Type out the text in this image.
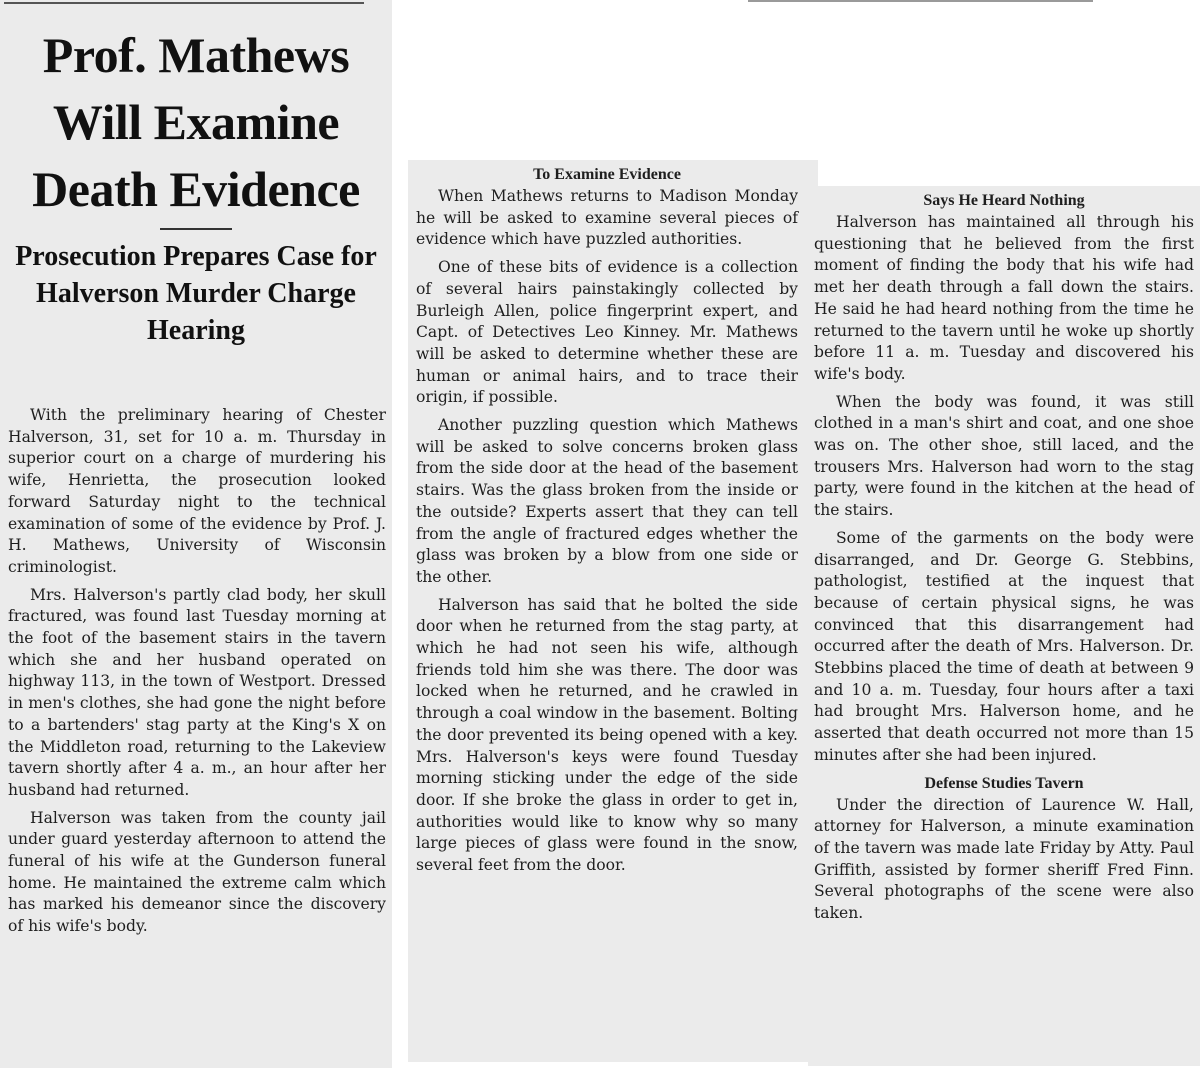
Prof. Mathews Will Examine Death Evidence
Prosecution Prepares Case for Halverson Murder Charge Hearing

With the preliminary hearing of Chester Halverson, 31, set for 10 a. m. Thursday in superior court on a charge of murdering his wife, Henrietta, the prosecution looked forward Saturday night to the technical examination of some of the evidence by Prof. J. H. Mathews, University of Wisconsin criminologist.

Mrs. Halverson's partly clad body, her skull fractured, was found last Tuesday morning at the foot of the basement stairs in the tavern which she and her husband operated on highway 113, in the town of Westport. Dressed in men's clothes, she had gone the night before to a bartenders' stag party at the King's X on the Middleton road, returning to the Lakeview tavern shortly after 4 a. m., an hour after her husband had returned.

Halverson was taken from the county jail under guard yesterday afternoon to attend the funeral of his wife at the Gunderson funeral home. He maintained the extreme calm which has marked his demeanor since the discovery of his wife's body.

To Examine Evidence

When Mathews returns to Madison Monday he will be asked to examine several pieces of evidence which have puzzled authorities.

One of these bits of evidence is a collection of several hairs painstakingly collected by Burleigh Allen, police fingerprint expert, and Capt. of Detectives Leo Kinney. Mr. Mathews will be asked to determine whether these are human or animal hairs, and to trace their origin, if possible.

Another puzzling question which Mathews will be asked to solve concerns broken glass from the side door at the head of the basement stairs. Was the glass broken from the inside or the outside? Experts assert that they can tell from the angle of fractured edges whether the glass was broken by a blow from one side or the other.

Halverson has said that he bolted the side door when he returned from the stag party, at which he had not seen his wife, although friends told him she was there. The door was locked when he returned, and he crawled in through a coal window in the basement. Bolting the door prevented its being opened with a key. Mrs. Halverson's keys were found Tuesday morning sticking under the edge of the side door. If she broke the glass in order to get in, authorities would like to know why so many large pieces of glass were found in the snow, several feet from the door.

Says He Heard Nothing

Halverson has maintained all through his questioning that he believed from the first moment of finding the body that his wife had met her death through a fall down the stairs. He said he had heard nothing from the time he returned to the tavern until he woke up shortly before 11 a. m. Tuesday and discovered his wife's body.

When the body was found, it was still clothed in a man's shirt and coat, and one shoe was on. The other shoe, still laced, and the trousers Mrs. Halverson had worn to the stag party, were found in the kitchen at the head of the stairs.

Some of the garments on the body were disarranged, and Dr. George G. Stebbins, pathologist, testified at the inquest that because of certain physical signs, he was convinced that this disarrangement had occurred after the death of Mrs. Halverson. Dr. Stebbins placed the time of death at between 9 and 10 a. m. Tuesday, four hours after a taxi had brought Mrs. Halverson home, and he asserted that death occurred not more than 15 minutes after she had been injured.

Defense Studies Tavern

Under the direction of Laurence W. Hall, attorney for Halverson, a minute examination of the tavern was made late Friday by Atty. Paul Griffith, assisted by former sheriff Fred Finn. Several photographs of the scene were also taken.
